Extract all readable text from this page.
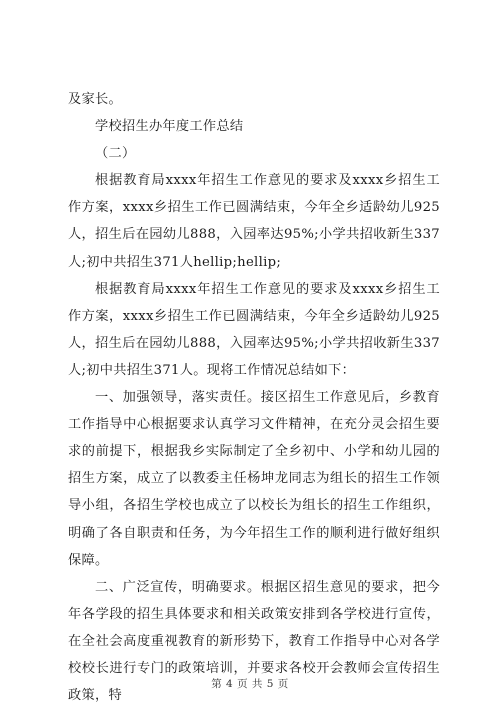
及家长。

学校招生办年度工作总结

（二）

根据教育局xxxx年招生工作意见的要求及xxxx乡招生工作方案，xxxx乡招生工作已圆满结束，今年全乡适龄幼儿925人，招生后在园幼儿888，入园率达95%;小学共招收新生337人;初中共招生371人hellip;hellip;

根据教育局xxxx年招生工作意见的要求及xxxx乡招生工作方案，xxxx乡招生工作已圆满结束，今年全乡适龄幼儿925人，招生后在园幼儿888，入园率达95%;小学共招收新生337人;初中共招生371人。现将工作情况总结如下：

一、加强领导，落实责任。接区招生工作意见后，乡教育工作指导中心根据要求认真学习文件精神，在充分灵会招生要求的前提下，根据我乡实际制定了全乡初中、小学和幼儿园的招生方案，成立了以教委主任杨坤龙同志为组长的招生工作领导小组，各招生学校也成立了以校长为组长的招生工作组织，明确了各自职责和任务，为今年招生工作的顺利进行做好组织保障。

二、广泛宣传，明确要求。根据区招生意见的要求，把今年各学段的招生具体要求和相关政策安排到各学校进行宣传，在全社会高度重视教育的新形势下，教育工作指导中心对各学校校长进行专门的政策培训，并要求各校开会教师会宣传招生政策，特

第 4 页 共 5 页
